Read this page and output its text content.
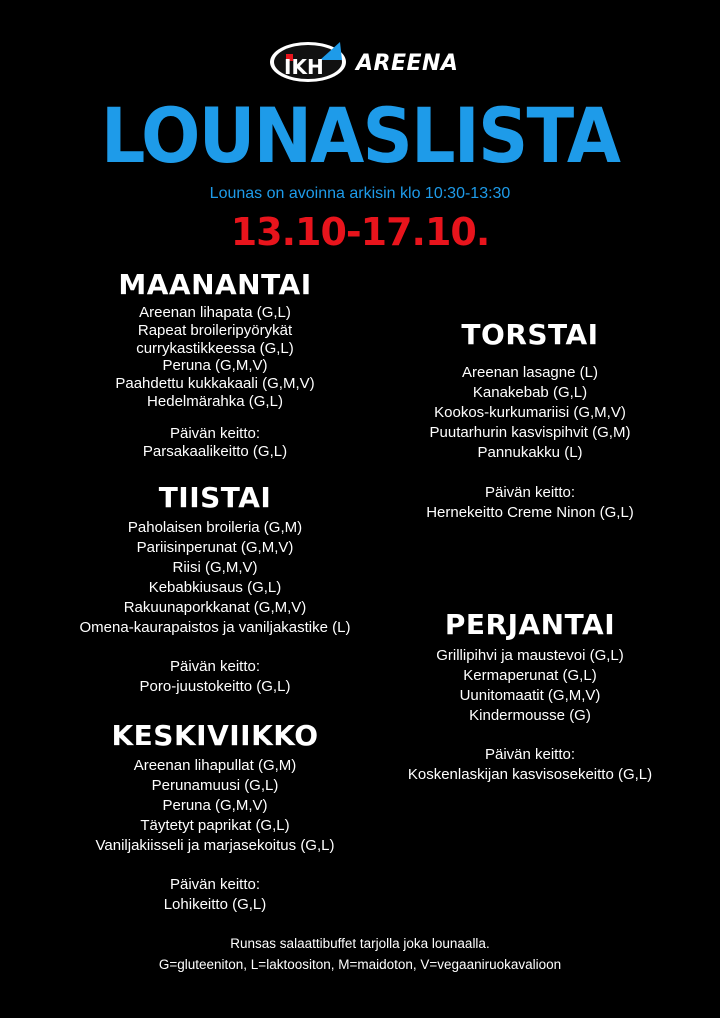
IKH AREENA
LOUNASLISTA
Lounas on avoinna arkisin klo 10:30-13:30
13.10-17.10.
MAANANTAI
Areenan lihapata (G,L)
Rapeat broileripyörykät
currykastikkeessa (G,L)
Peruna (G,M,V)
Paahdettu kukkakaali (G,M,V)
Hedelmärahka (G,L)
Päivän keitto:
Parsakaalikeitto (G,L)
TIISTAI
Paholaisen broileria (G,M)
Pariisinperunat (G,M,V)
Riisi (G,M,V)
Kebabkiusaus (G,L)
Rakuunaporkkanat (G,M,V)
Omena-kaurapaistos ja vaniljakastike (L)
Päivän keitto:
Poro-juustokeitto (G,L)
KESKIVIIKKO
Areenan lihapullat (G,M)
Perunamuusi (G,L)
Peruna (G,M,V)
Täytetyt paprikat (G,L)
Vaniljakiisseli ja marjasekoitus (G,L)
Päivän keitto:
Lohikeitto (G,L)
TORSTAI
Areenan lasagne (L)
Kanakebab (G,L)
Kookos-kurkumariisi (G,M,V)
Puutarhurin kasvispihvit (G,M)
Pannukakku (L)
Päivän keitto:
Hernekeitto Creme Ninon (G,L)
PERJANTAI
Grillipihvi ja maustevoi (G,L)
Kermaperunat (G,L)
Uunitomaatit (G,M,V)
Kindermousse (G)
Päivän keitto:
Koskenlaskijan kasvisosekeitto (G,L)
Runsas salaattibuffet tarjolla joka lounaalla.
G=gluteeniton, L=laktoositon, M=maidoton, V=vegaaniruokavalioon
